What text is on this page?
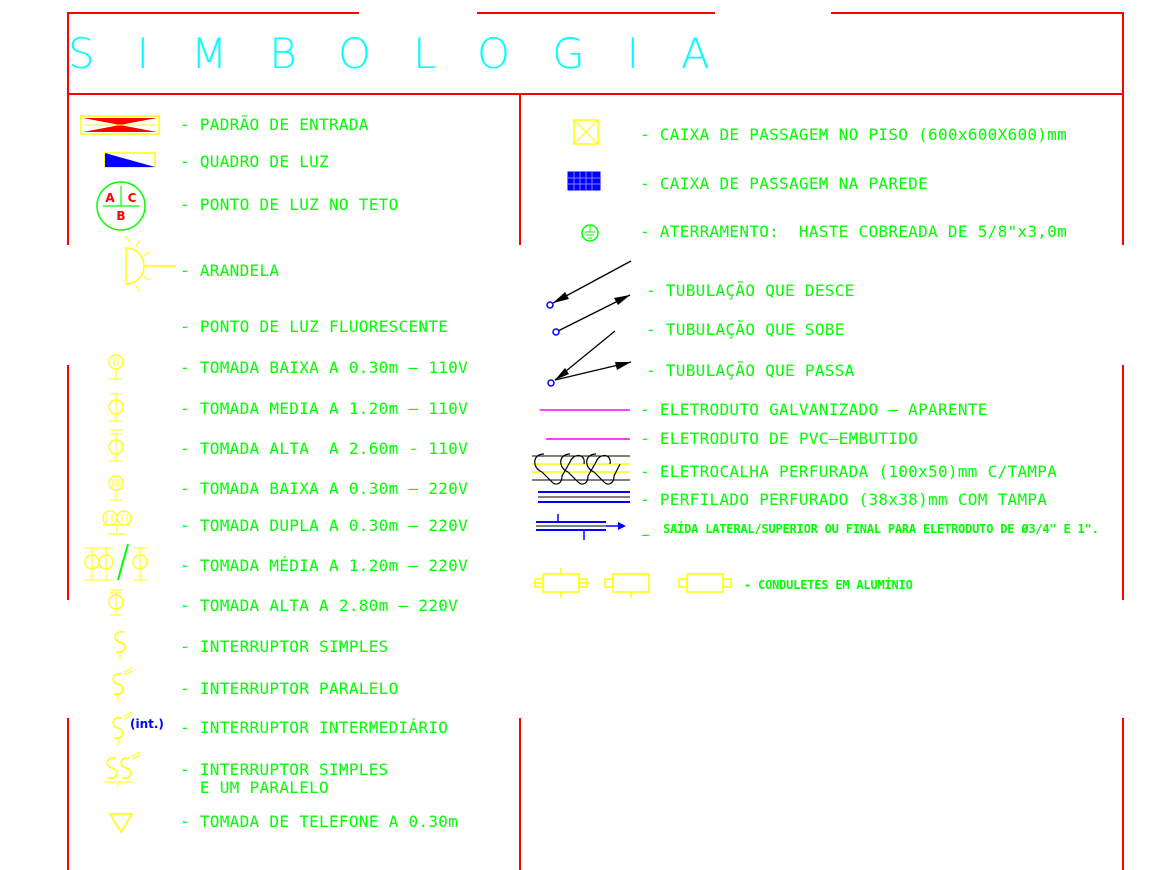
SIMBOLOGIA
A C
B
(int.)
- PADRÃO DE ENTRADA
- QUADRO DE LUZ
- PONTO DE LUZ NO TETO
- ARANDELA
- PONTO DE LUZ FLUORESCENTE
- TOMADA BAIXA A 0.30m — 110V
- TOMADA MEDIA A 1.20m — 110V
- TOMADA ALTA  A 2.60m - 110V
- TOMADA BAIXA A 0.30m — 220V
- TOMADA DUPLA A 0.30m — 220V
- TOMADA MÉDIA A 1.20m — 220V
- TOMADA ALTA A 2.80m — 220V
- INTERRUPTOR SIMPLES
- INTERRUPTOR PARALELO
- INTERRUPTOR INTERMEDIÁRIO
- INTERRUPTOR SIMPLES
E UM PARALELO
- TOMADA DE TELEFONE A 0.30m
- CAIXA DE PASSAGEM NO PISO (600x600X600)mm
- CAIXA DE PASSAGEM NA PAREDE
- ATERRAMENTO:  HASTE COBREADA DE 5/8"x3,0m
- TUBULAÇÃO QUE DESCE
- TUBULAÇÃO QUE SOBE
- TUBULAÇÃO QUE PASSA
- ELETRODUTO GALVANIZADO — APARENTE
- ELETRODUTO DE PVC—EMBUTIDO
- ELETROCALHA PERFURADA (100x50)mm C/TAMPA
- PERFILADO PERFURADO (38x38)mm COM TAMPA
_  SAÍDA LATERAL/SUPERIOR OU FINAL PARA ELETRODUTO DE Ø3/4" E 1".
- CONDULETES EM ALUMÍNIO
